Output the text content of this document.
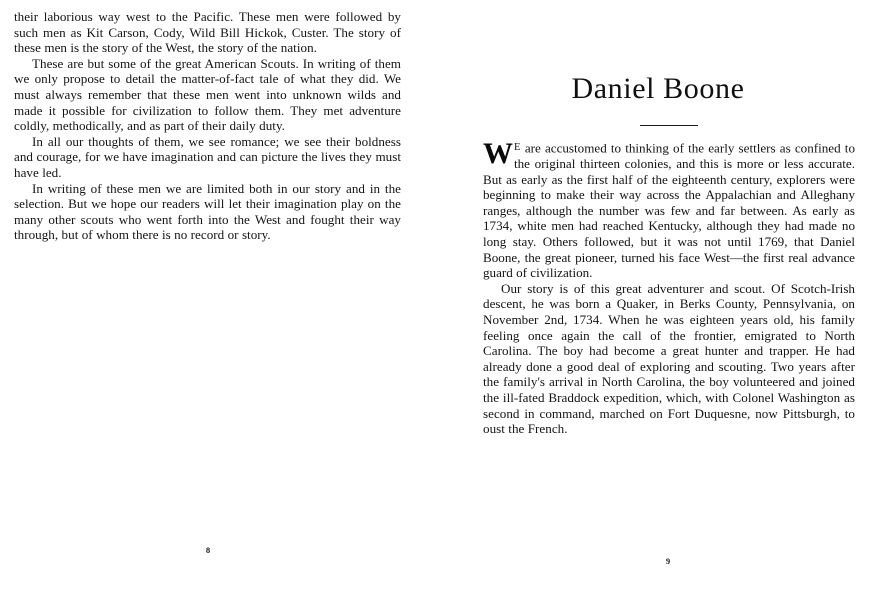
their laborious way west to the Pacific. These men were followed by such men as Kit Carson, Cody, Wild Bill Hickok, Custer. The story of these men is the story of the West, the story of the nation.

These are but some of the great American Scouts. In writing of them we only propose to detail the matter-of-fact tale of what they did. We must always remember that these men went into unknown wilds and made it possible for civilization to follow them. They met adventure coldly, methodically, and as part of their daily duty.

In all our thoughts of them, we see romance; we see their boldness and courage, for we have imagination and can picture the lives they must have led.

In writing of these men we are limited both in our story and in the selection. But we hope our readers will let their imagination play on the many other scouts who went forth into the West and fought their way through, but of whom there is no record or story.

8
Daniel Boone

W E are accustomed to thinking of the early settlers as confined to the original thirteen colonies, and this is more or less accurate. But as early as the first half of the eighteenth century, explorers were beginning to make their way across the Appalachian and Alleghany ranges, although the number was few and far between. As early as 1734, white men had reached Kentucky, although they had made no long stay. Others followed, but it was not until 1769, that Daniel Boone, the great pioneer, turned his face West—the first real advance guard of civilization.

Our story is of this great adventurer and scout. Of Scotch-Irish descent, he was born a Quaker, in Berks County, Pennsylvania, on November 2nd, 1734. When he was eighteen years old, his family feeling once again the call of the frontier, emigrated to North Carolina. The boy had become a great hunter and trapper. He had already done a good deal of exploring and scouting. Two years after the family's arrival in North Carolina, the boy volunteered and joined the ill-fated Braddock expedition, which, with Colonel Washington as second in command, marched on Fort Duquesne, now Pittsburgh, to oust the French.

9
